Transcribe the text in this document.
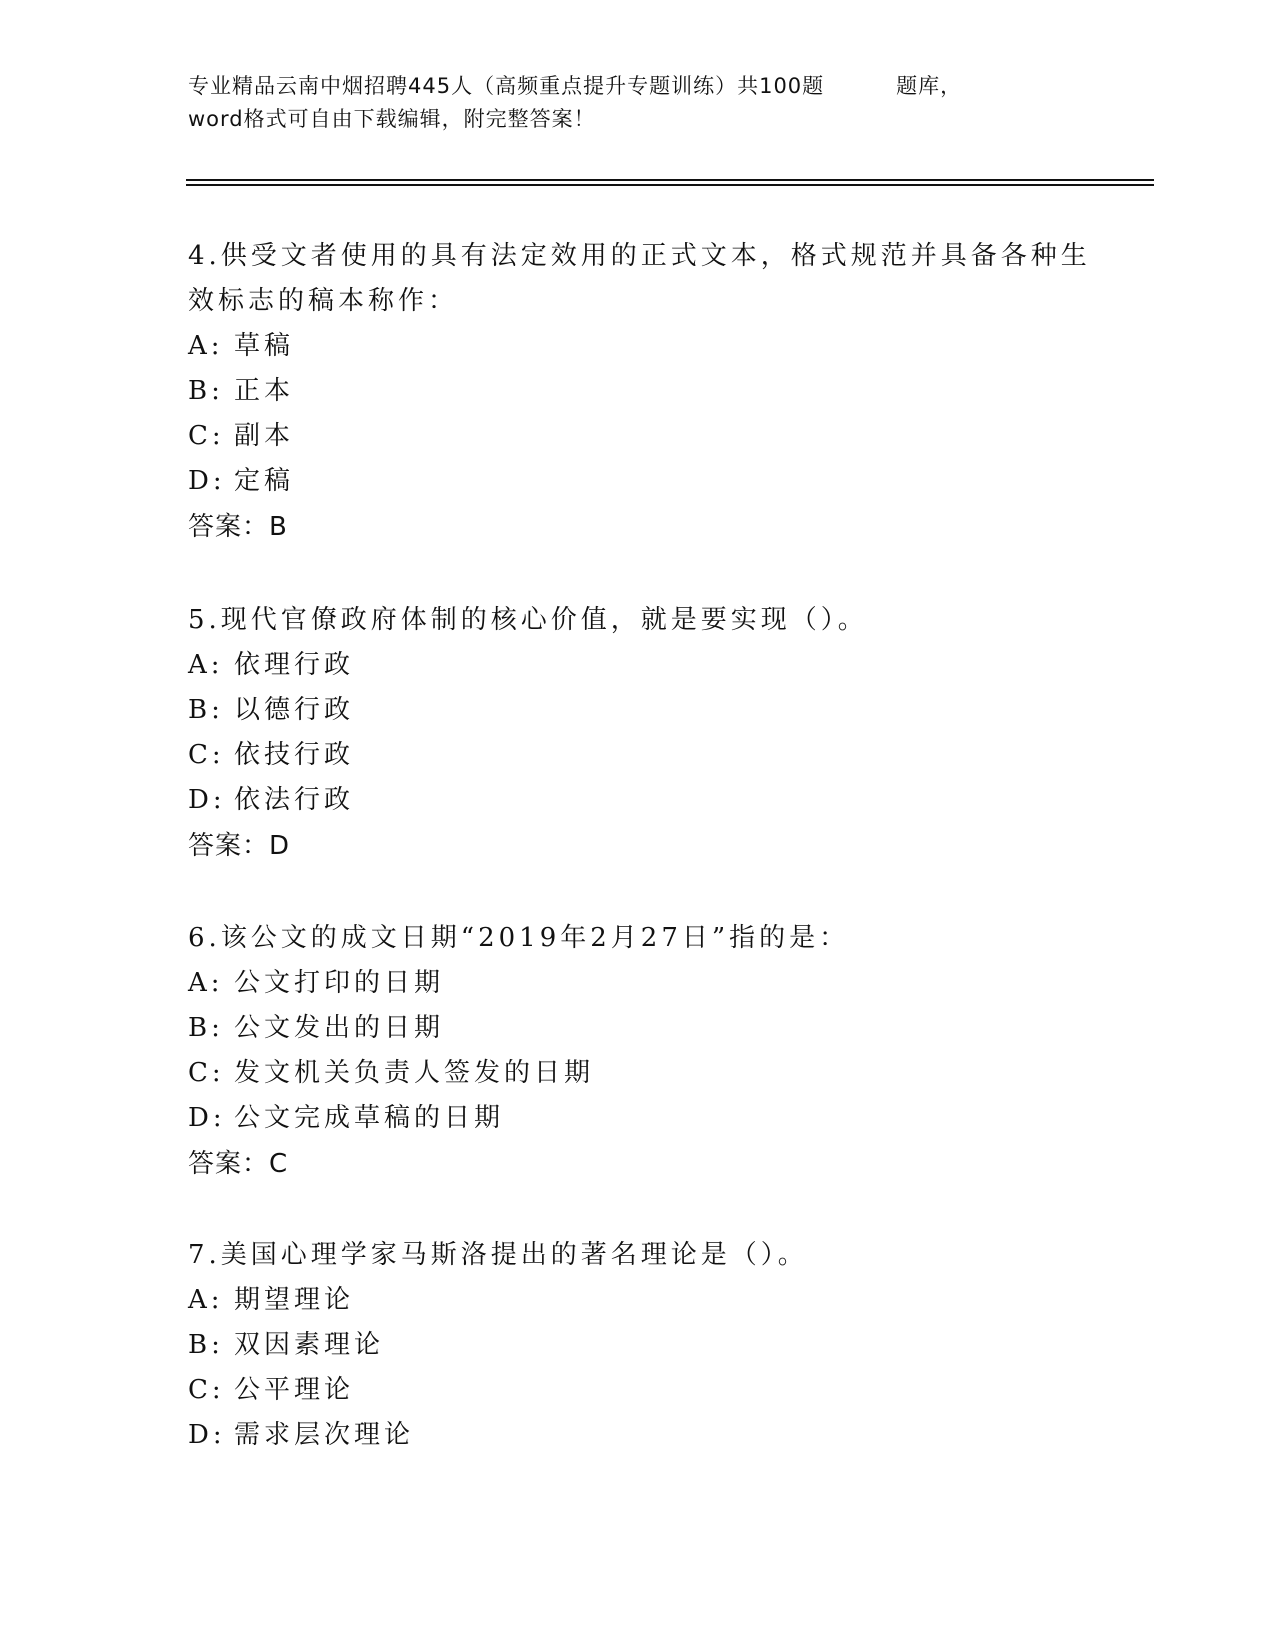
专业精品云南中烟招聘445人（高频重点提升专题训练）共100题	题库，
word格式可自由下载编辑，附完整答案！
4.供受文者使用的具有法定效用的正式文本，格式规范并具备各种生
效标志的稿本称作：
A: 草稿
B: 正本
C: 副本
D: 定稿
答案：B
5.现代官僚政府体制的核心价值，就是要实现（）。
A: 依理行政
B: 以德行政
C: 依技行政
D: 依法行政
答案：D
6.该公文的成文日期“2019年2月27日”指的是：
A: 公文打印的日期
B: 公文发出的日期
C: 发文机关负责人签发的日期
D: 公文完成草稿的日期
答案：C
7.美国心理学家马斯洛提出的著名理论是（）。
A: 期望理论
B: 双因素理论
C: 公平理论
D: 需求层次理论
